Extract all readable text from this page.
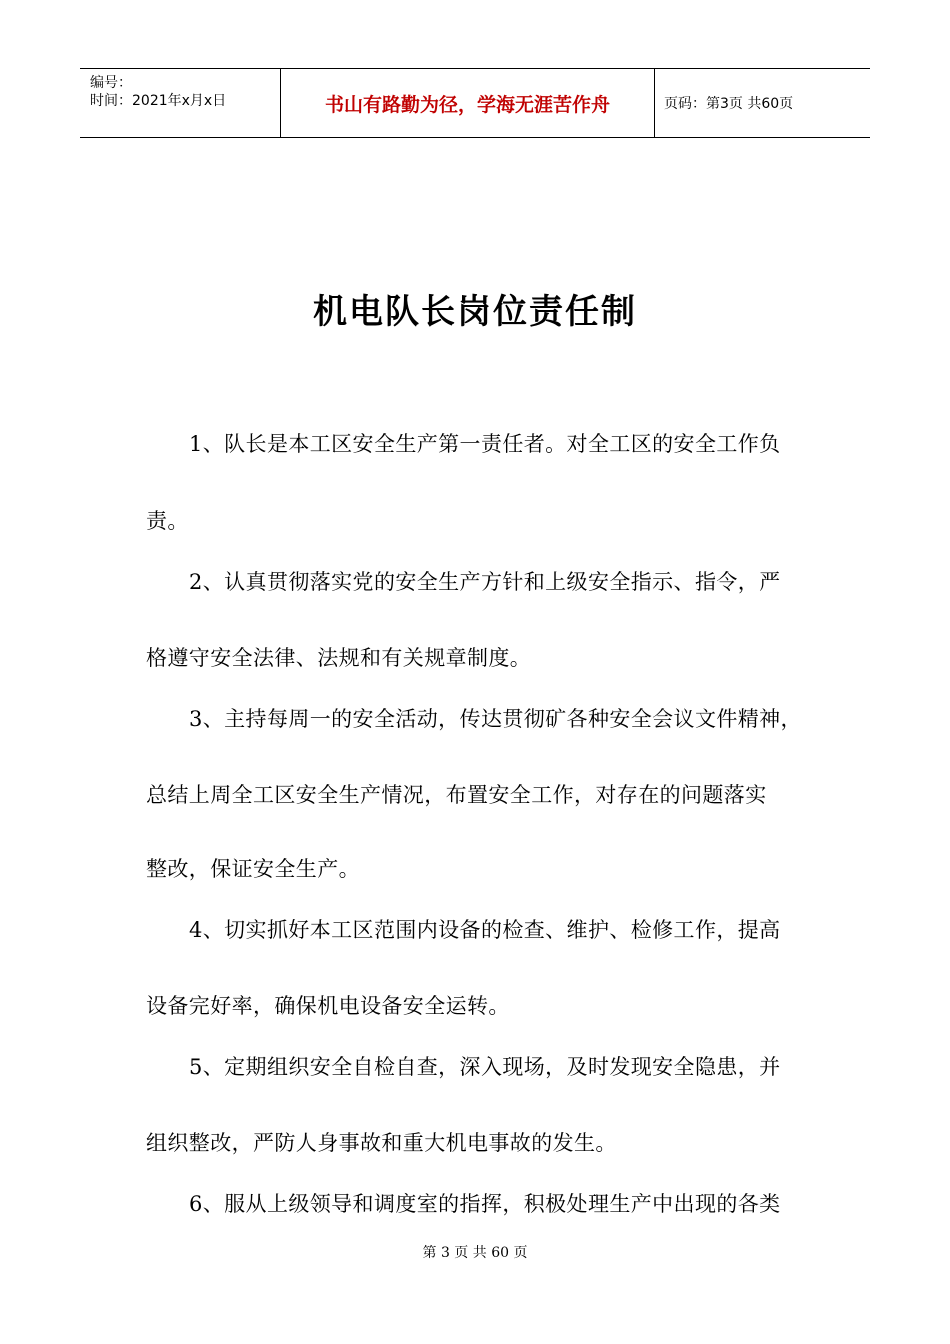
编号：
时间：2021年x月x日	书山有路勤为径，学海无涯苦作舟	页码：第3页 共60页
机电队长岗位责任制
1、队长是本工区安全生产第一责任者。对全工区的安全工作负
责。
2、认真贯彻落实党的安全生产方针和上级安全指示、指令，严
格遵守安全法律、法规和有关规章制度。
3、主持每周一的安全活动，传达贯彻矿各种安全会议文件精神，
总结上周全工区安全生产情况，布置安全工作，对存在的问题落实
整改，保证安全生产。
4、切实抓好本工区范围内设备的检查、维护、检修工作，提高
设备完好率，确保机电设备安全运转。
5、定期组织安全自检自查，深入现场，及时发现安全隐患，并
组织整改，严防人身事故和重大机电事故的发生。
6、服从上级领导和调度室的指挥，积极处理生产中出现的各类
第 3 页 共 60 页
